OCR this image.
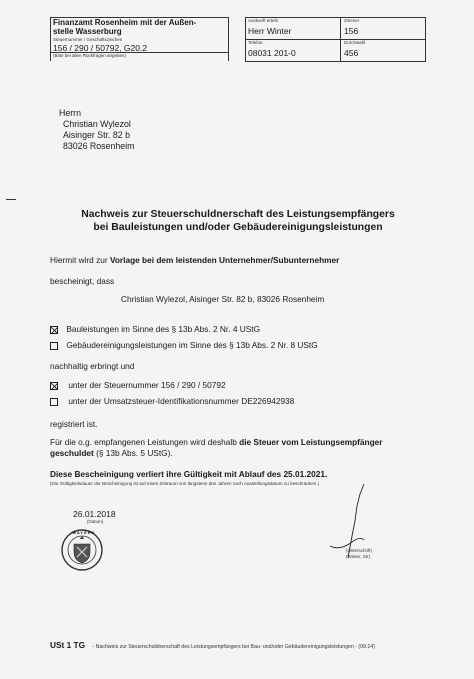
Finanzamt Rosenheim mit der Außen-
stelle Wasserburg
Steuernummer / Geschäftszeichen
156 / 290 / 50792, G20.2
(Bitte bei allen Rückfragen angeben)
Auskunft erteilt
Herr Winter
Zimmer
156
Telefon
08031 201-0
Durchwahl
456
Herrn
Christian Wylezol
Aisinger Str. 82 b
83026 Rosenheim
Nachweis zur Steuerschuldnerschaft des Leistungsempfängers
bei Bauleistungen und/oder Gebäudereinigungsleistungen
Hiermit wird zur Vorlage bei dem leistenden Unternehmer/Subunternehmer
bescheinigt, dass
Christian Wylezol, Aisinger Str. 82 b, 83026 Rosenheim
Bauleistungen im Sinne des § 13b Abs. 2 Nr. 4 UStG
Gebäudereinigungsleistungen im Sinne des § 13b Abs. 2 Nr. 8 UStG
nachhaltig erbringt und
unter der Steuernummer 156 / 290 / 50792
unter der Umsatzsteuer-Identifikationsnummer DE226942938
registriert ist.
Für die o.g. empfangenen Leistungen wird deshalb die Steuer vom Leistungsempfänger
geschuldet (§ 13b Abs. 5 UStG).
Diese Bescheinigung verliert ihre Gültigkeit mit Ablauf des 25.01.2021.
(Die Gültigkeitsdauer der Bescheinigung ist auf einen Zeitraum von längstens drei Jahren nach Ausstellungsdatum zu beschränken.)
26.01.2018
(Datum)
BAYERN
(Unterschrift)
(Winter, Str)
USt 1 TG - Nachweis zur Steuerschuldnerschaft des Leistungsempfängers bei Bau- und/oder Gebäudereinigungsleistungen - (09.14)
